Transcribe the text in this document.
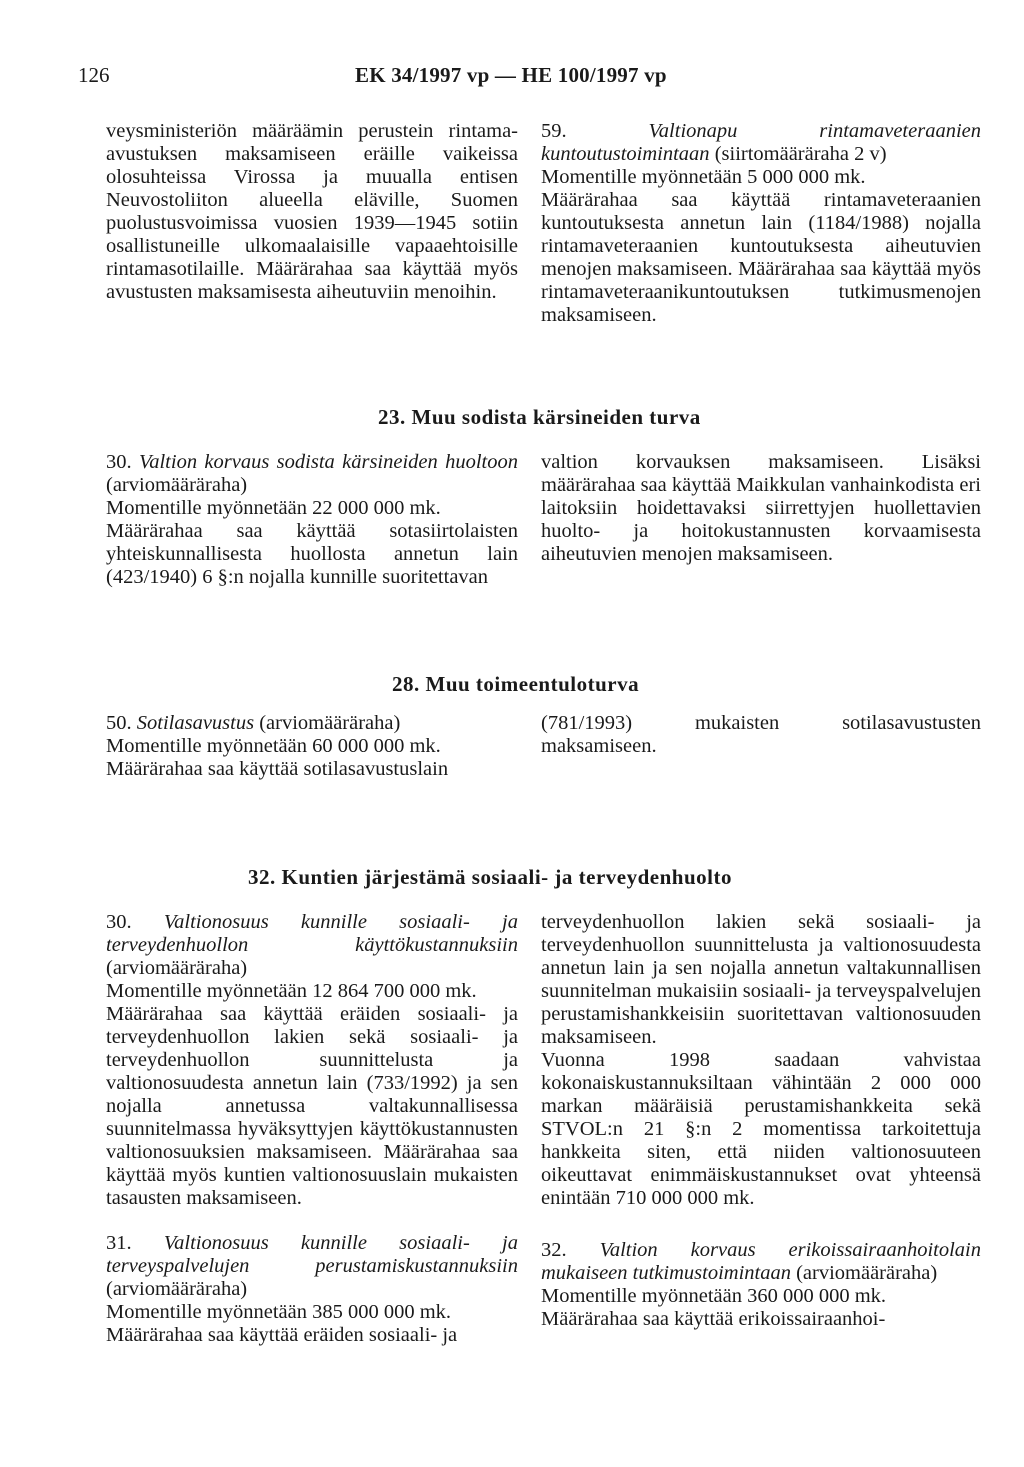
126	EK 34/1997 vp — HE 100/1997 vp

veysministeriön määräämin perustein rintama-avustuksen maksamiseen eräille vaikeissa olosuhteissa Virossa ja muualla entisen Neuvostoliiton alueella eläville, Suomen puolustusvoimissa vuosien 1939—1945 sotiin osallistuneille ulkomaalaisille vapaaehtoisille rintamasotilaille. Määrärahaa saa käyttää myös avustusten maksamisesta aiheutuviin menoihin.

59.	Valtionapu rintamaveteraanien kuntoutustoimintaan (siirtomääräraha 2 v)

Momentille myönnetään 5 000 000 mk.

Määrärahaa saa käyttää rintamaveteraanien kuntoutuksesta annetun lain (1184/1988) nojalla rintamaveteraanien kuntoutuksesta aiheutuvien menojen maksamiseen. Määrärahaa saa käyttää myös rintamaveteraanikuntoutuksen tutkimusmenojen maksamiseen.

23. Muu sodista kärsineiden turva

30. Valtion korvaus sodista kärsineiden huoltoon (arviomääräraha)

Momentille myönnetään 22 000 000 mk.

Määrärahaa saa käyttää sotasiirtolaisten yhteiskunnallisesta huollosta annetun lain (423/1940) 6 §:n nojalla kunnille suoritettavan

valtion korvauksen maksamiseen. Lisäksi määrärahaa saa käyttää Maikkulan vanhainkodista eri laitoksiin hoidettavaksi siirrettyjen huollettavien huolto- ja hoitokustannusten korvaamisesta aiheutuvien menojen maksamiseen.

28. Muu toimeentuloturva

50. Sotilasavustus (arviomääräraha)

Momentille myönnetään 60 000 000 mk.

Määrärahaa saa käyttää sotilasavustuslain

(781/1993) mukaisten sotilasavustusten maksamiseen.

32. Kuntien järjestämä sosiaali- ja terveydenhuolto

30. Valtionosuus kunnille sosiaali- ja terveydenhuollon käyttökustannuksiin (arviomääräraha)

Momentille myönnetään 12 864 700 000 mk.

Määrärahaa saa käyttää eräiden sosiaali- ja terveydenhuollon lakien sekä sosiaali- ja terveydenhuollon suunnittelusta ja valtionosuudesta annetun lain (733/1992) ja sen nojalla annetussa valtakunnallisessa suunnitelmassa hyväksyttyjen käyttökustannusten valtionosuuksien maksamiseen. Määrärahaa saa käyttää myös kuntien valtionosuuslain mukaisten tasausten maksamiseen.

31. Valtionosuus kunnille sosiaali- ja terveyspalvelujen perustamiskustannuksiin (arviomääräraha)

Momentille myönnetään 385 000 000 mk.

Määrärahaa saa käyttää eräiden sosiaali- ja

terveydenhuollon lakien sekä sosiaali- ja terveydenhuollon suunnittelusta ja valtionosuudesta annetun lain ja sen nojalla annetun valtakunnallisen suunnitelman mukaisiin sosiaali- ja terveyspalvelujen perustamishankkeisiin suoritettavan valtionosuuden maksamiseen.

Vuonna 1998 saadaan vahvistaa kokonaiskustannuksiltaan vähintään 2 000 000 markan määräisiä perustamishankkeita sekä STVOL:n 21 §:n 2 momentissa tarkoitettuja hankkeita siten, että niiden valtionosuuteen oikeuttavat enimmäiskustannukset ovat yhteensä enintään 710 000 000 mk.

32. Valtion korvaus erikoissairaanhoitolain mukaiseen tutkimustoimintaan (arviomääräraha)

Momentille myönnetään 360 000 000 mk.

Määrärahaa saa käyttää erikoissairaanhoi-
